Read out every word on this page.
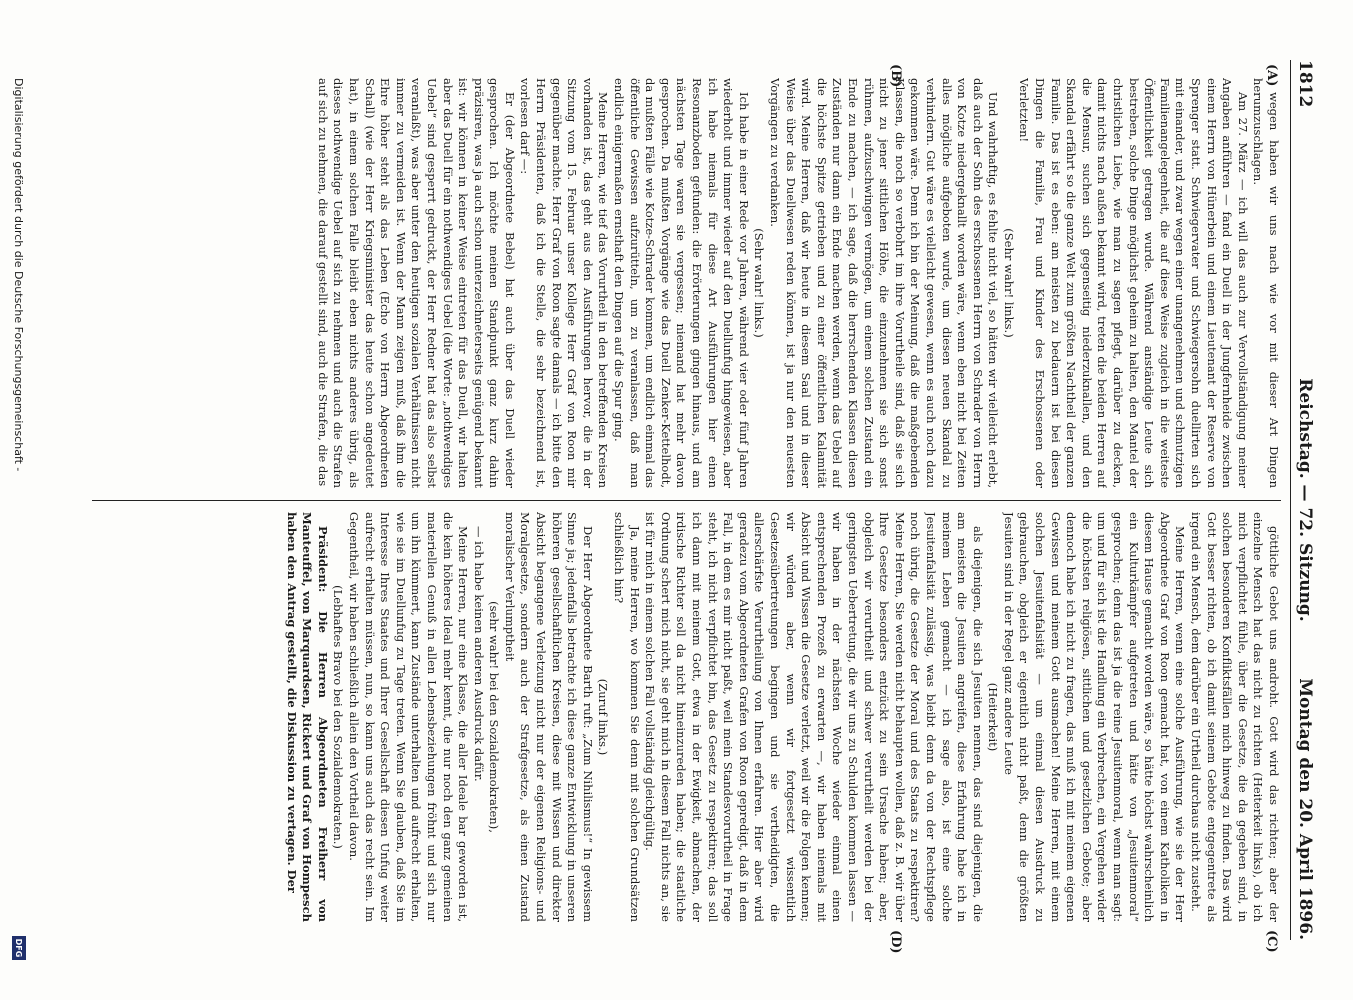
1812
Reichstag. — 72. Sitzung.
Montag den 20. April 1896.
(A)
(B)
(C)
(D)

wegen haben wir uns nach wie vor mit dieser Art Dingen herumzuschlagen.

Am 27. März — ich will das auch zur Vervollständigung meiner Angaben anführen — fand ein Duell in der Jungfernheide zwischen einem Herrn von Hünerbein und einem Lieutenant der Reserve von Sprenger statt. Schwiegervater und Schwiegersohn duellirten sich mit einander, und zwar wegen einer unangenehmen und schmutzigen Familienangelegenheit, die auf diese Weise zugleich in die weiteste Öffentlichkeit getragen wurde. Während anständige Leute sich bestreben, solche Dinge möglichst geheim zu halten, den Mantel der christlichen Liebe, wie man zu sagen pflegt, darüber zu decken, damit nichts nach außen bekannt wird, treten die beiden Herren auf die Mensur, suchen sich gegenseitig niederzuknallen, und den Skandal erfährt so die ganze Welt zum größten Nachtheil der ganzen Familie. Das ist es eben: am meisten zu bedauern ist bei diesen Dingen die Familie, Frau und Kinder des Erschossenen oder Verletzten!

(Sehr wahr! links.)

Und wahrhaftig, es fehlte nicht viel, so hätten wir vielleicht erlebt, daß auch der Sohn des erschossenen Herrn von Schrader von Herrn von Kotze niedergeknallt worden wäre, wenn eben nicht bei Zeiten alles mögliche aufgeboten wurde, um diesen neuen Skandal zu verhindern. Gut wäre es vielleicht gewesen, wenn es auch noch dazu gekommen wäre. Denn ich bin der Meinung, daß die maßgebenden Klassen, die noch so verbohrt im ihre Vorurtheile sind, daß sie sich nicht zu jener sittlichen Höhe, die einzunehmen sie sich sonst rühmen, aufzuschwingen vermögen, um einem solchen Zustand ein Ende zu machen, — ich sage, daß die herrschenden Klassen diesen Zuständen nur dann ein Ende machen werden, wenn das Uebel auf die höchste Spitze getrieben und zu einer öffentlichen Kalamität wird. Meine Herren, daß wir heute in diesem Saal und in dieser Weise über das Duellwesen reden können, ist ja nur den neuesten Vorgängen zu verdanken.

(Sehr wahr! links.)

Ich habe in einer Rede vor Jahren, während vier oder fünf Jahren wiederholt und immer wieder auf den Duellunfug hingewiesen, aber ich habe niemals für diese Art Ausführungen hier einen Resonanzboden gefunden: die Erörterungen gingen hinaus, und am nächsten Tage waren sie vergessen; niemand hat mehr davon gesprochen. Da mußten Vorgänge wie das Duell Zenker-Kettelhodt, da mußten Fälle wie Kotze-Schrader kommen, um endlich einmal das öffentliche Gewissen aufzurütteln, um zu veranlassen, daß man endlich einigermaßen ernsthaft den Dingen auf die Spur ging.

Meine Herren, wie tief das Vorurtheil in den betreffenden Kreisen vorhanden ist, das geht aus den Ausführungen hervor, die in der Sitzung vom 15. Februar unser Kollege Herr Graf von Roon mir gegenüber machte. Herr Graf von Roon sagte damals — ich bitte den Herrn Präsidenten, daß ich die Stelle, die sehr bezeichnend ist, vorlesen darf —:

Er (der Abgeordnete Bebel) hat auch über das Duell wieder gesprochen. Ich möchte meinen Standpunkt ganz kurz dahin präzisiren, was ja auch schon unterzeichneterseits genügend bekannt ist: wir können in keiner Weise eintreten für das Duell, wir halten aber das Duell für ein nothwendiges Uebel (die Worte: „nothwendiges Uebel“ sind gesperrt gedruckt, der Herr Redner hat das also selbst veranlaßt), was aber unter den heutigen sozialen Verhältnissen nicht immer zu vermeiden ist. Wenn der Mann zeigen muß, daß ihm die Ehre höher steht als das Leben (Echo von Herrn Abgeordneten Schall) (wie der Herr Kriegsminister das heute schon angedeutet hat), in einem solchen Falle bleibt eben nichts anderes übrig, als dieses nothwendige Uebel auf sich zu nehmen und auch die Strafen auf sich zu nehmen, die darauf gestellt sind, auch die Strafen, die das

göttliche Gebot uns androht. Gott wird das richten; aber der einzelne Mensch hat das nicht zu richten (Heiterkeit links), ob ich mich verpflichtet fühle, über die Gesetze, die da gegeben sind, in solchen besonderen Konfliktsfällen mich hinweg zu finden. Das wird Gott besser richten, ob ich damit seinem Gebote entgegentrete als irgend ein Mensch, dem darüber ein Urtheil durchaus nicht zusteht.

Meine Herren, wenn eine solche Ausführung, wie sie der Herr Abgeordnete Graf von Roon gemacht hat, von einem Katholiken in diesem Hause gemacht worden wäre, so hätte höchst wahrscheinlich ein Kulturkämpfer aufgetreten und hätte von „Jesuitenmoral“ gesprochen; denn das ist ja die reine Jesuitenmoral, wenn man sagt: um und für sich ist die Handlung ein Verbrechen, ein Vergehen wider die höchsten religiösen, sittlichen und gesetzlichen Gebote; aber dennoch habe ich nicht zu fragen, das muß ich mit meinem eigenen Gewissen und meinem Gott ausmachen! Meine Herren, mit einem solchen Jesuitenfalsität — um einmal diesen Ausdruck zu gebrauchen, obgleich er eigentlich nicht paßt, denn die größten Jesuiten sind in der Regel ganz andere Leute

(Heiterkeit)

als diejenigen, die sich Jesuiten nennen, das sind diejenigen, die am meisten die Jesuiten angreifen, diese Erfahrung habe ich in meinem Leben gemacht — ich sage also, ist eine solche Jesuitenfalsität zulässig, was bleibt denn da von der Rechtspflege noch übrig, die Gesetze der Moral und des Staats zu respektiren? Meine Herren, Sie werden nicht behaupten wollen, daß z. B. wir über Ihre Gesetze besonders entzückt zu sein Ursache haben; aber, obgleich wir verurtheilt und schwer verurtheilt werden bei der geringsten Uebertretung, die wir uns zu Schulden kommen lassen — wir haben in der nächsten Woche wieder einmal einen entsprechenden Prozeß zu erwarten —, wir haben niemals mit Absicht und Wissen die Gesetze verletzt, weil wir die Folgen kennen; wir würden aber, wenn wir fortgesetzt wissentlich Gesetzesübertretungen begingen und sie vertheidigten, die allerschärfste Verurtheilung von Ihnen erfahren. Hier aber wird geradezu vom Abgeordneten Grafen von Roon gepredigt, daß in dem Fall, in dem es mir nicht paßt, weil mein Standesvorurtheil in Frage steht, ich nicht verpflichtet bin, das Gesetz zu respektiren; das soll ich dann mit meinem Gott, etwa in der Ewigkeit, abmachen, der irdische Richter soll da nicht hineinzureden haben; die staatliche Ordnung schert mich nicht, sie geht mich in diesem Fall nichts an, sie ist für mich in einem solchen Fall vollständig gleichgültig.

Ja, meine Herren, wo kommen Sie denn mit solchen Grundsätzen schließlich hin?

(Zuruf links.)

Der Herr Abgeordnete Barth ruft: „Zum Nihilismus!“ In gewissem Sinne ja; jedenfalls betrachte ich diese ganze Entwicklung in unseren höheren gesellschaftlichen Kreisen, diese mit Wissen und direkter Absicht begangene Verletzung nicht nur der eigenen Religions- und Moralgesetze, sondern auch der Strafgesetze, als einen Zustand moralischer Verlumptheit

(sehr wahr! bei den Sozialdemokraten),

— ich habe keinen anderen Ausdruck dafür.

Meine Herren, nur eine Klasse, die aller Ideale bar geworden ist, die kein höheres Ideal mehr kennt, die nur noch den ganz gemeinen materiellen Genuß in allen Lebensbeziehungen fröhnt und sich nur um ihn kümmert, kann Zustände unterhalten und aufrecht erhalten, wie sie im Duellunfug zu Tage treten. Wenn Sie glauben, daß Sie im Interesse Ihres Staates und Ihrer Gesellschaft diesen Unfug weiter aufrecht erhalten müssen, nun, so kann uns auch das recht sein. Im Gegentheil, wir haben schließlich allein den Vortheil davon.

(Lebhaftes Bravo bei den Sozialdemokraten.)

Präsident: Die Herren Abgeordneten Freiherr von Manteuffel, von Marquardsen, Rickert und Graf von Hompesch haben den Antrag gestellt, die Diskussion zu vertagen. Der

Digitalisierung gefördert durch die Deutsche Forschungsgemeinschaft -
DFG
